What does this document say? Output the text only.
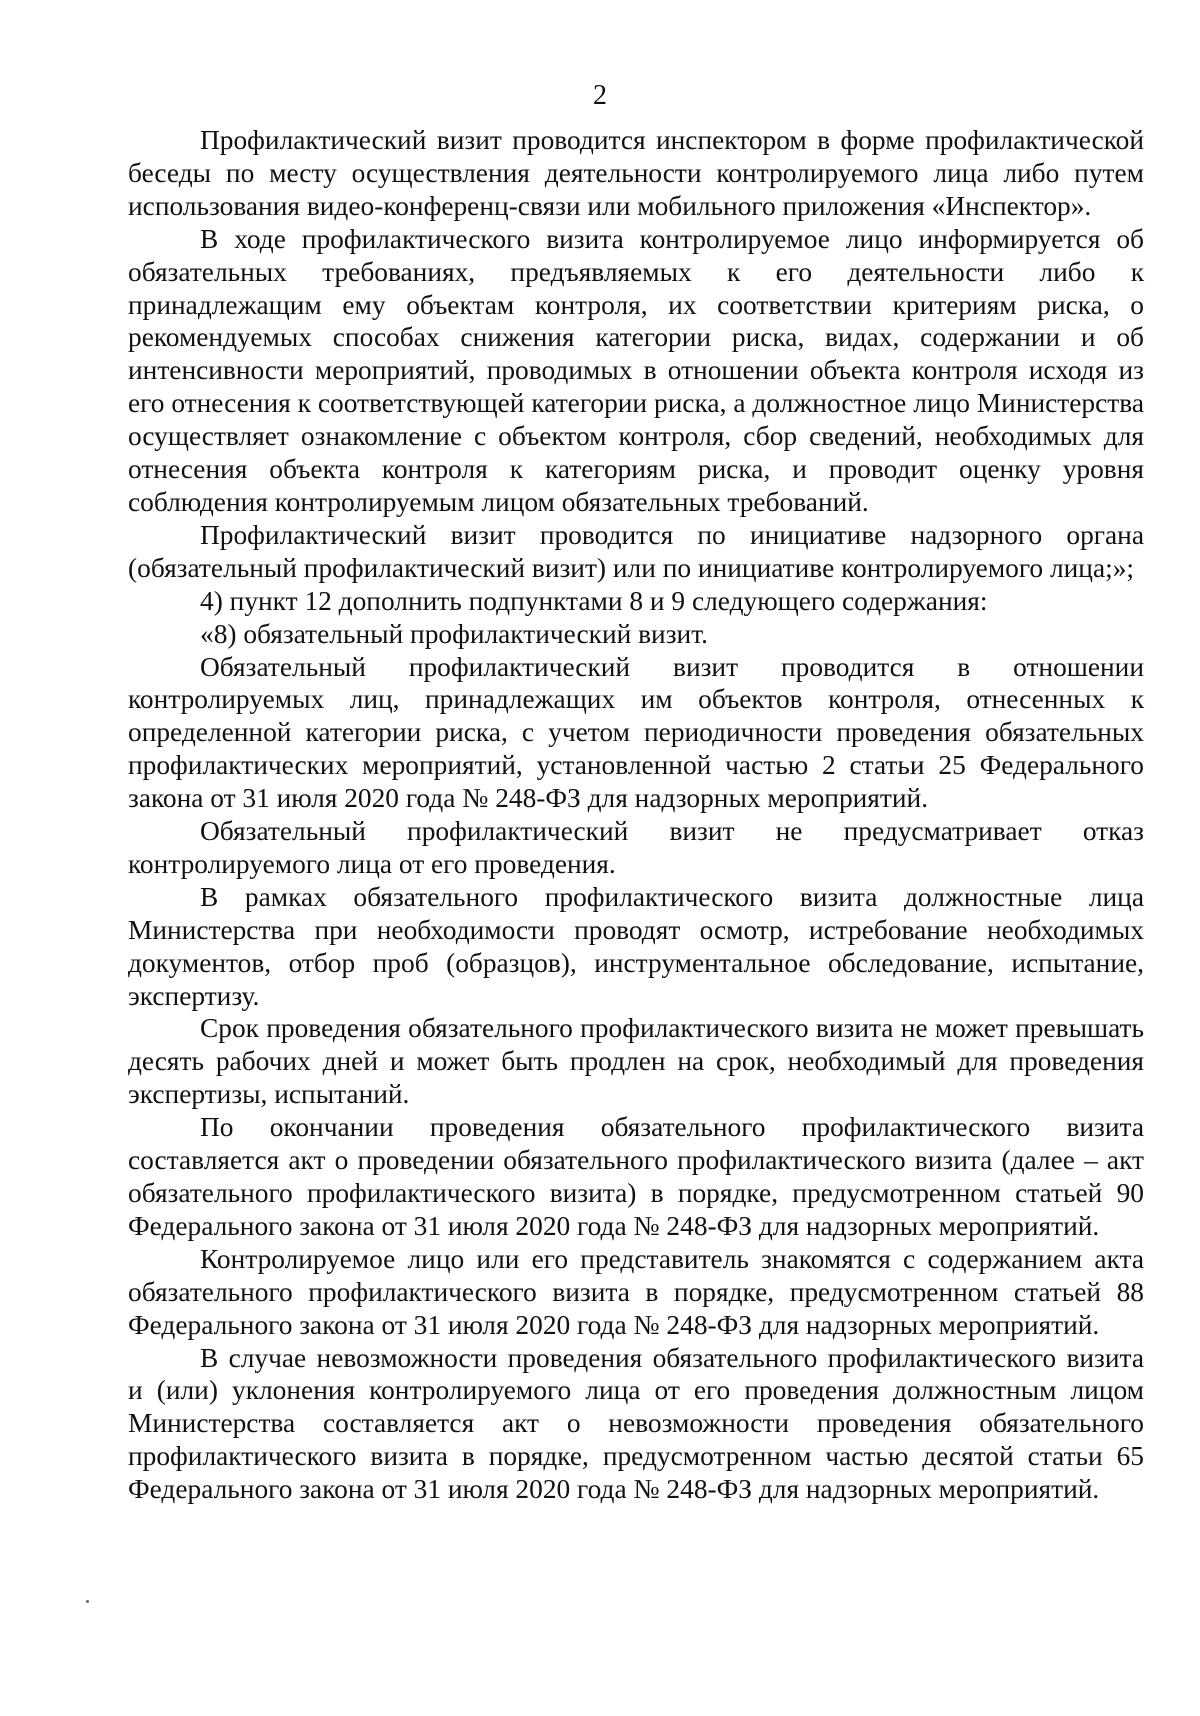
2

Профилактический визит проводится инспектором в форме профилактической беседы по месту осуществления деятельности контролируемого лица либо путем использования видео-конференц-связи или мобильного приложения «Инспектор».

В ходе профилактического визита контролируемое лицо информируется об обязательных требованиях, предъявляемых к его деятельности либо к принадлежащим ему объектам контроля, их соответствии критериям риска, о рекомендуемых способах снижения категории риска, видах, содержании и об интенсивности мероприятий, проводимых в отношении объекта контроля исходя из его отнесения к соответствующей категории риска, а должностное лицо Министерства осуществляет ознакомление с объектом контроля, сбор сведений, необходимых для отнесения объекта контроля к категориям риска, и проводит оценку уровня соблюдения контролируемым лицом обязательных требований.

Профилактический визит проводится по инициативе надзорного органа (обязательный профилактический визит) или по инициативе контролируемого лица;»;

4) пункт 12 дополнить подпунктами 8 и 9 следующего содержания:

«8) обязательный профилактический визит.

Обязательный профилактический визит проводится в отношении контролируемых лиц, принадлежащих им объектов контроля, отнесенных к определенной категории риска, с учетом периодичности проведения обязательных профилактических мероприятий, установленной частью 2 статьи 25 Федерального закона от 31 июля 2020 года № 248-ФЗ для надзорных мероприятий.

Обязательный профилактический визит не предусматривает отказ контролируемого лица от его проведения.

В рамках обязательного профилактического визита должностные лица Министерства при необходимости проводят осмотр, истребование необходимых документов, отбор проб (образцов), инструментальное обследование, испытание, экспертизу.

Срок проведения обязательного профилактического визита не может превышать десять рабочих дней и может быть продлен на срок, необходимый для проведения экспертизы, испытаний.

По окончании проведения обязательного профилактического визита составляется акт о проведении обязательного профилактического визита (далее – акт обязательного профилактического визита) в порядке, предусмотренном статьей 90 Федерального закона от 31 июля 2020 года № 248-ФЗ для надзорных мероприятий.

Контролируемое лицо или его представитель знакомятся с содержанием акта обязательного профилактического визита в порядке, предусмотренном статьей 88 Федерального закона от 31 июля 2020 года № 248-ФЗ для надзорных мероприятий.

В случае невозможности проведения обязательного профилактического визита и (или) уклонения контролируемого лица от его проведения должностным лицом Министерства составляется акт о невозможности проведения обязательного профилактического визита в порядке, предусмотренном частью десятой статьи 65 Федерального закона от 31 июля 2020 года № 248-ФЗ для надзорных мероприятий.
